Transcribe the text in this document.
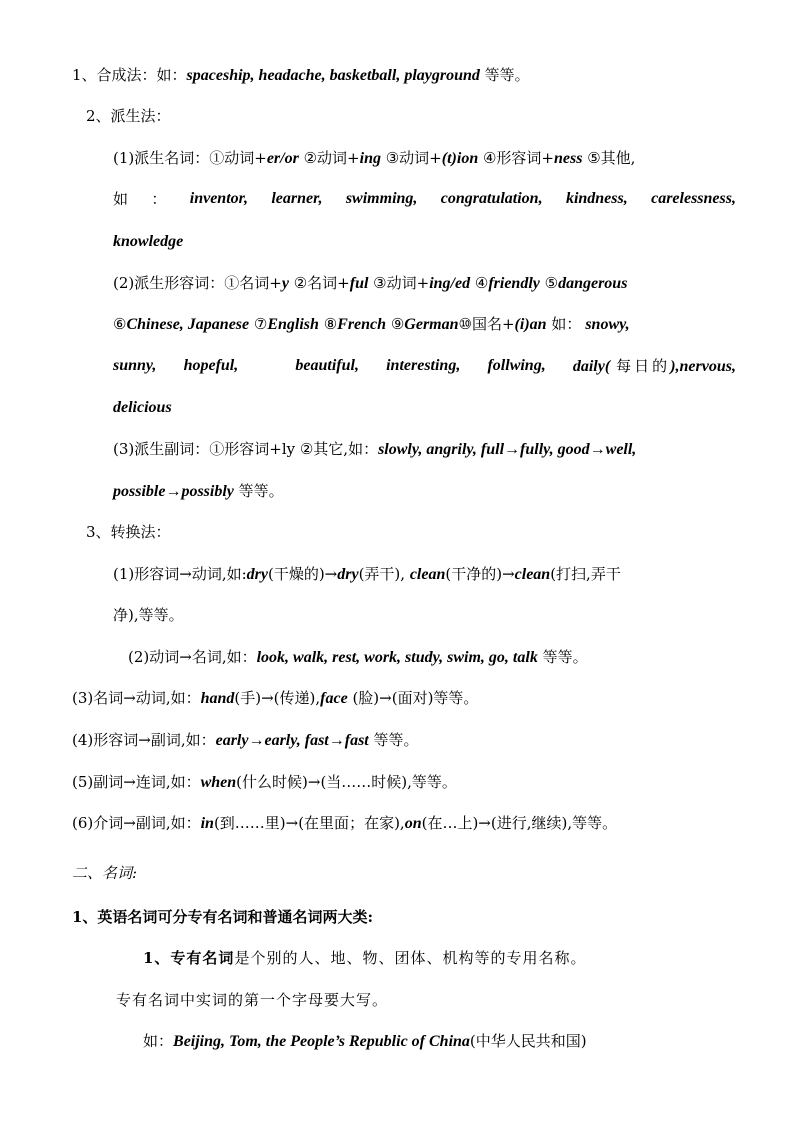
1、合成法：如：spaceship, headache, basketball, playground 等等。
2、派生法：
(1)派生名词：①动词+er/or ②动词+ing ③动词+(t)ion ④形容词+ness ⑤其他,
如 ： inventor, learner, swimming, congratulation, kindness, carelessness,
knowledge
(2)派生形容词：①名词+y ②名词+ful ③动词+ing/ed ④friendly ⑤dangerous
⑥Chinese, Japanese ⑦English ⑧French ⑨German⑩国名+(i)an 如： snowy,
sunny, hopeful,	beautiful, interesting, follwing, daily( 每日的),nervous,
delicious
(3)派生副词：①形容词+ly ②其它,如：slowly, angrily, full→fully, good→well,
possible→possibly 等等。
3、转换法：
(1)形容词→动词,如:dry(干燥的)→dry(弄干), clean(干净的)→clean(打扫,弄干
净),等等。
(2)动词→名词,如：look, walk, rest, work, study, swim, go, talk 等等。
(3)名词→动词,如：hand(手)→(传递),face (脸)→(面对)等等。
(4)形容词→副词,如：early→early, fast→fast 等等。
(5)副词→连词,如：when(什么时候)→(当……时候),等等。
(6)介词→副词,如：in(到……里)→(在里面；在家),on(在…上)→(进行,继续),等等。
二、名词:
1、英语名词可分专有名词和普通名词两大类:
1、专有名词是个别的人、地、物、团体、机构等的专用名称。
专有名词中实词的第一个字母要大写。
如：Beijing, Tom, the People’s Republic of China(中华人民共和国)
